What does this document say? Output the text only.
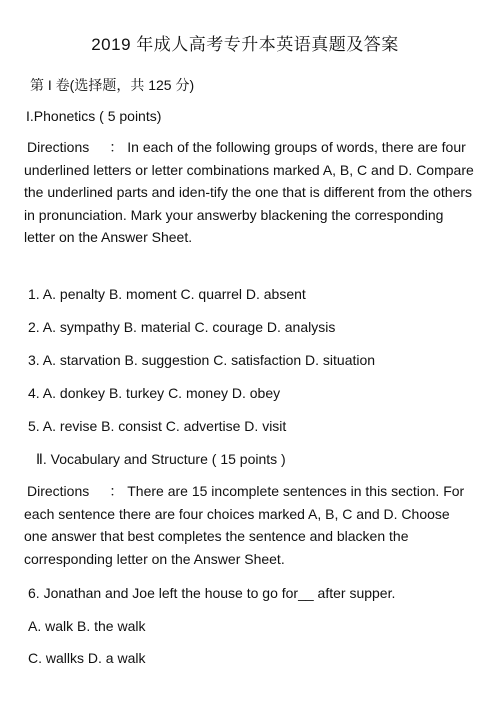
2019 年成人高考专升本英语真题及答案
第 I 卷(选择题，共 125 分)
I.Phonetics ( 5 points)
Directions ： In each of the following groups of words, there are four underlined letters or letter combinations marked A, B, C and D. Compare the underlined parts and iden-tify the one that is different from the others in pronunciation. Mark your answerby blackening the corresponding letter on the Answer Sheet.
1. A. penalty B. moment C. quarrel D. absent
2. A. sympathy B. material C. courage D. analysis
3. A. starvation B. suggestion C. satisfaction D. situation
4. A. donkey B. turkey C. money D. obey
5. A. revise B. consist C. advertise D. visit
Ⅱ. Vocabulary and Structure ( 15 points )
Directions ： There are 15 incomplete sentences in this section. For each sentence there are four choices marked A, B, C and D. Choose one answer that best completes the sentence and blacken the corresponding letter on the Answer Sheet.
6. Jonathan and Joe left the house to go for__ after supper.
A. walk B. the walk
C. wallks D. a walk
